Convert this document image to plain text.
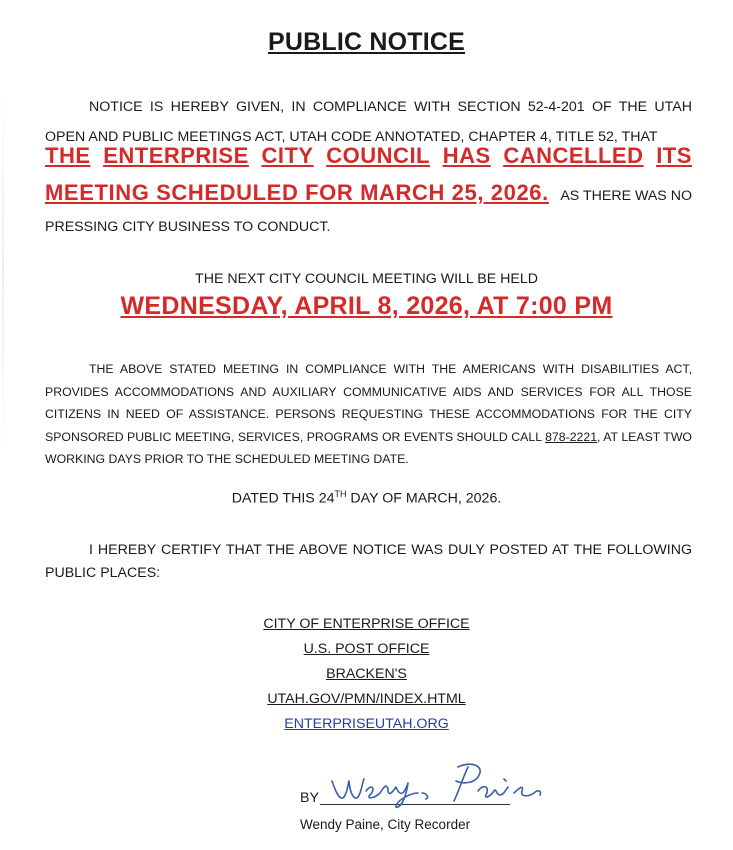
PUBLIC NOTICE
NOTICE IS HEREBY GIVEN, IN COMPLIANCE WITH SECTION 52-4-201 OF THE UTAH OPEN AND PUBLIC MEETINGS ACT, UTAH CODE ANNOTATED, CHAPTER 4, TITLE 52, THAT
THE ENTERPRISE CITY COUNCIL HAS CANCELLED ITS
MEETING SCHEDULED FOR MARCH 25, 2026. AS THERE WAS NO
PRESSING CITY BUSINESS TO CONDUCT.
THE NEXT CITY COUNCIL MEETING WILL BE HELD
WEDNESDAY, APRIL 8, 2026, AT 7:00 PM
THE ABOVE STATED MEETING IN COMPLIANCE WITH THE AMERICANS WITH DISABILITIES ACT, PROVIDES ACCOMMODATIONS AND AUXILIARY COMMUNICATIVE AIDS AND SERVICES FOR ALL THOSE CITIZENS IN NEED OF ASSISTANCE. PERSONS REQUESTING THESE ACCOMMODATIONS FOR THE CITY SPONSORED PUBLIC MEETING, SERVICES, PROGRAMS OR EVENTS SHOULD CALL 878-2221, AT LEAST TWO WORKING DAYS PRIOR TO THE SCHEDULED MEETING DATE.
DATED THIS 24TH DAY OF MARCH, 2026.
I HEREBY CERTIFY THAT THE ABOVE NOTICE WAS DULY POSTED AT THE FOLLOWING PUBLIC PLACES:
CITY OF ENTERPRISE OFFICE
U.S. POST OFFICE
BRACKEN'S
UTAH.GOV/PMN/INDEX.HTML
ENTERPRISEUTAH.ORG
BY
Wendy Paine, City Recorder
